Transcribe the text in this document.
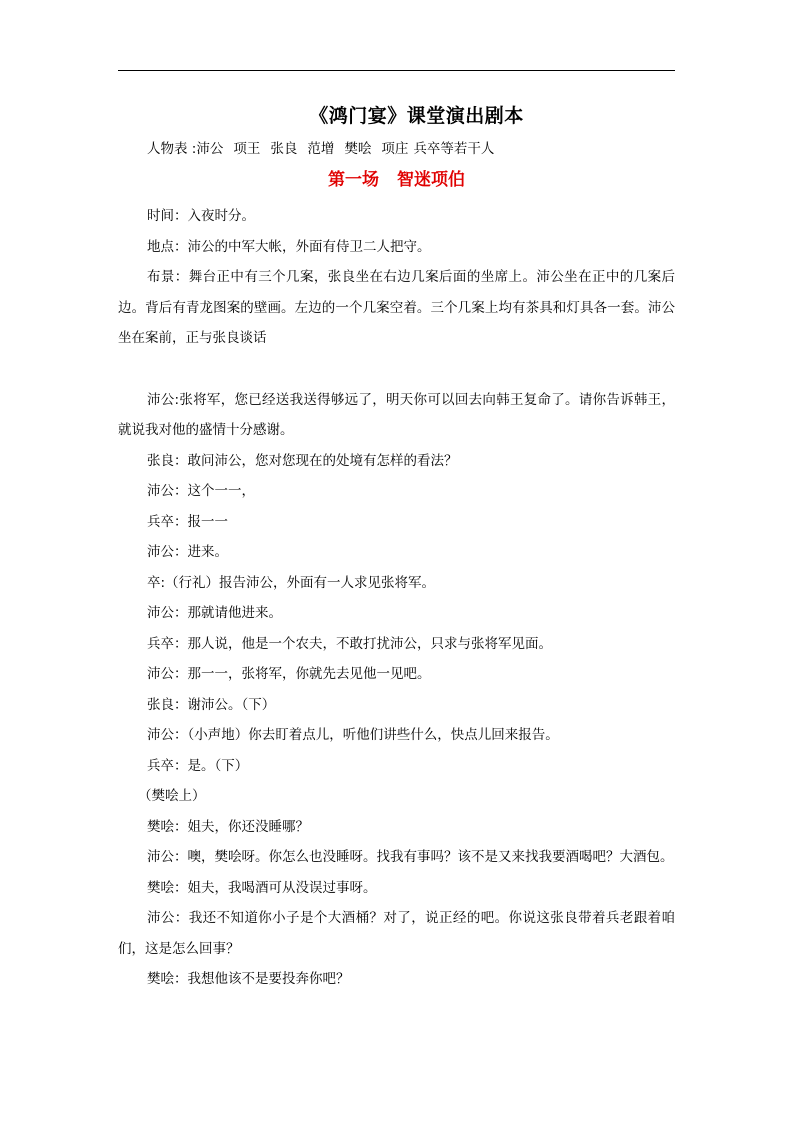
《鸿门宴》课堂演出剧本
人物表 :沛公 项王 张良 范增 樊哙 项庄 兵卒等若干人
第一场 智迷项伯

时间：入夜时分。

地点：沛公的中军大帐，外面有侍卫二人把守。

布景：舞台正中有三个几案，张良坐在右边几案后面的坐席上。沛公坐在正中的几案后边。背后有青龙图案的壁画。左边的一个几案空着。三个几案上均有茶具和灯具各一套。沛公坐在案前，正与张良谈话

沛公:张将军，您已经送我送得够远了，明天你可以回去向韩王复命了。请你告诉韩王，就说我对他的盛情十分感谢。

张良：敢问沛公，您对您现在的处境有怎样的看法？

沛公：这个一一，

兵卒：报一一

沛公：进来。

卒:（行礼）报告沛公，外面有一人求见张将军。

沛公：那就请他进来。

兵卒：那人说，他是一个农夫，不敢打扰沛公，只求与张将军见面。

沛公：那一一，张将军，你就先去见他一见吧。

张良：谢沛公。（下）

沛公：（小声地）你去盯着点儿，听他们讲些什么，快点儿回来报告。

兵卒：是。（下）

（樊哙上）

樊哙：姐夫，你还没睡哪？

沛公：噢，樊哙呀。你怎么也没睡呀。找我有事吗？该不是又来找我要酒喝吧？大酒包。

樊哙：姐夫，我喝酒可从没误过事呀。

沛公：我还不知道你小子是个大酒桶？对了，说正经的吧。你说这张良带着兵老跟着咱们，这是怎么回事？

樊哙：我想他该不是要投奔你吧？
